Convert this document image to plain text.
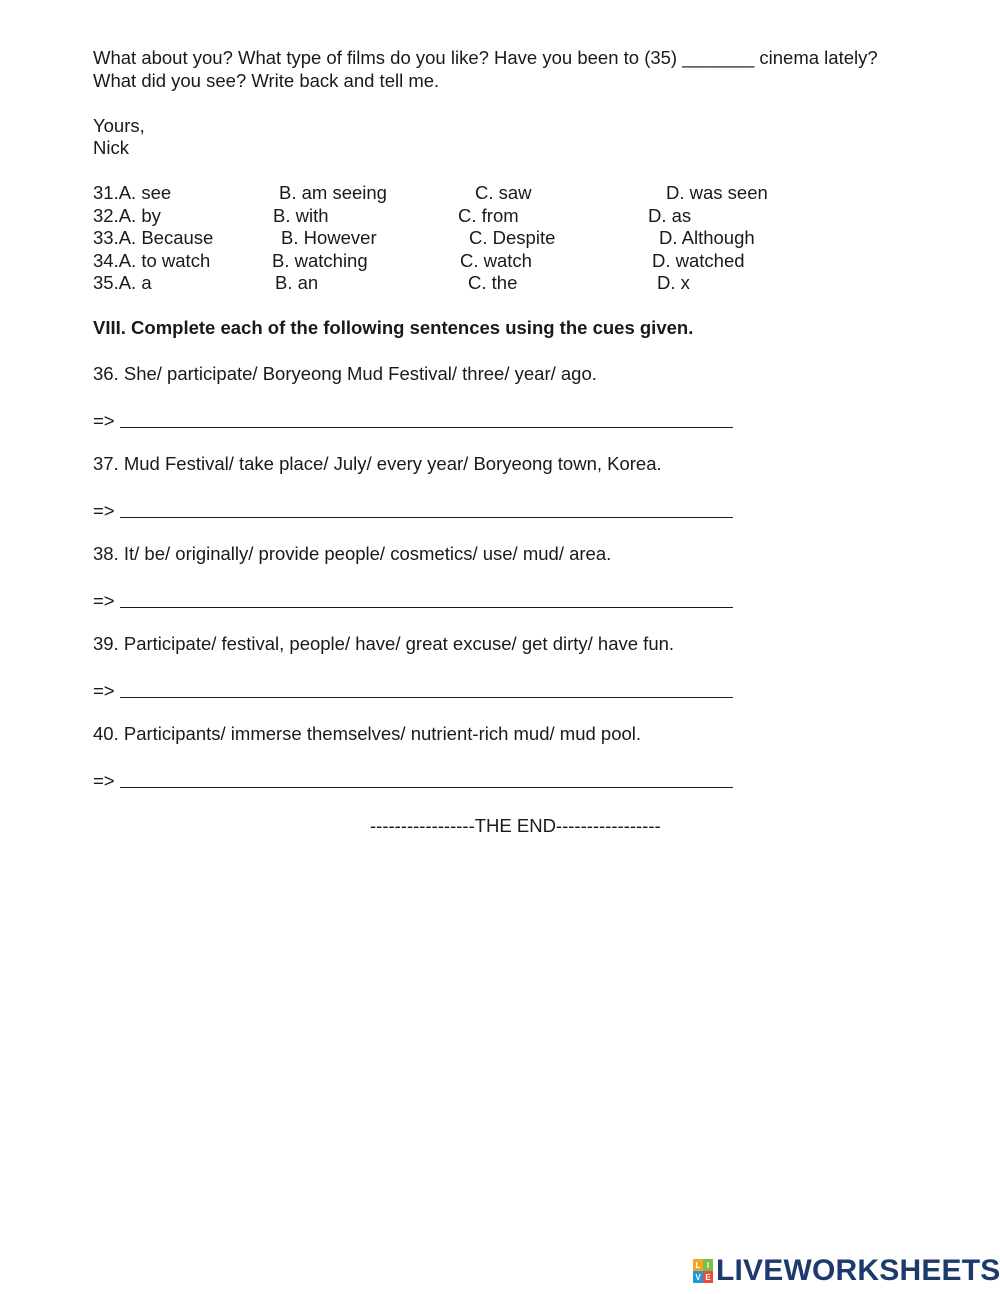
What about you? What type of films do you like? Have you been to (35) _______ cinema lately?
What did you see? Write back and tell me.
Yours,
Nick
31.A. see	B. am seeing	C. saw	D. was seen
32.A. by	B. with	C. from	D. as
33.A. Because	B. However	C. Despite	D. Although
34.A. to watch	B. watching	C. watch	D. watched
35.A. a	B. an	C. the	D. x
VIII. Complete each of the following sentences using the cues given.
36. She/ participate/ Boryeong Mud Festival/ three/ year/ ago.
=>
37. Mud Festival/ take place/ July/ every year/ Boryeong town, Korea.
=>
38. It/ be/ originally/ provide people/ cosmetics/ use/ mud/ area.
=>
39. Participate/ festival, people/ have/ great excuse/ get dirty/ have fun.
=>
40. Participants/ immerse themselves/ nutrient-rich mud/ mud pool.
=>
-----------------THE END-----------------
L I
V E LIVEWORKSHEETS
